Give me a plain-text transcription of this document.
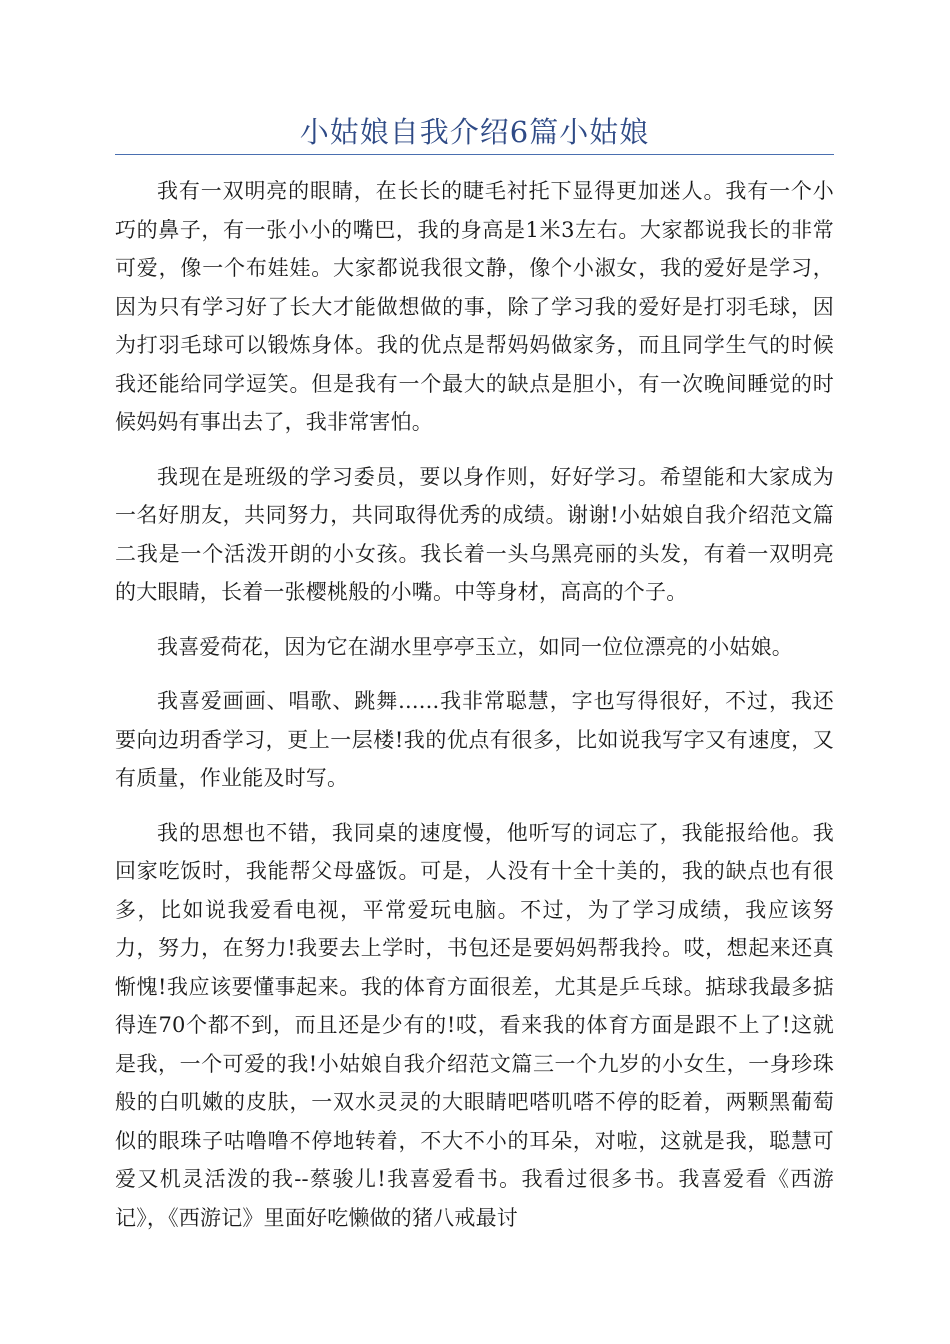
小姑娘自我介绍6篇小姑娘

我有一双明亮的眼睛，在长长的睫毛衬托下显得更加迷人。我有一个小巧的鼻子，有一张小小的嘴巴，我的身高是1米3左右。大家都说我长的非常可爱，像一个布娃娃。大家都说我很文静，像个小淑女，我的爱好是学习，因为只有学习好了长大才能做想做的事，除了学习我的爱好是打羽毛球，因为打羽毛球可以锻炼身体。我的优点是帮妈妈做家务，而且同学生气的时候我还能给同学逗笑。但是我有一个最大的缺点是胆小，有一次晚间睡觉的时候妈妈有事出去了，我非常害怕。

我现在是班级的学习委员，要以身作则，好好学习。希望能和大家成为一名好朋友，共同努力，共同取得优秀的成绩。谢谢!小姑娘自我介绍范文篇二我是一个活泼开朗的小女孩。我长着一头乌黑亮丽的头发，有着一双明亮的大眼睛，长着一张樱桃般的小嘴。中等身材，高高的个子。

我喜爱荷花，因为它在湖水里亭亭玉立，如同一位位漂亮的小姑娘。

我喜爱画画、唱歌、跳舞......我非常聪慧，字也写得很好，不过，我还要向边玥香学习，更上一层楼!我的优点有很多，比如说我写字又有速度，又有质量，作业能及时写。

我的思想也不错，我同桌的速度慢，他听写的词忘了，我能报给他。我回家吃饭时，我能帮父母盛饭。可是，人没有十全十美的，我的缺点也有很多，比如说我爱看电视，平常爱玩电脑。不过，为了学习成绩，我应该努力，努力，在努力!我要去上学时，书包还是要妈妈帮我拎。哎，想起来还真惭愧!我应该要懂事起来。我的体育方面很差，尤其是乒乓球。掂球我最多掂得连70个都不到，而且还是少有的!哎，看来我的体育方面是跟不上了!这就是我，一个可爱的我!小姑娘自我介绍范文篇三一个九岁的小女生，一身珍珠般的白叽嫩的皮肤，一双水灵灵的大眼睛吧嗒叽嗒不停的眨着，两颗黑葡萄似的眼珠子咕噜噜不停地转着，不大不小的耳朵，对啦，这就是我，聪慧可爱又机灵活泼的我--蔡骏儿!我喜爱看书。我看过很多书。我喜爱看《西游记》，《西游记》里面好吃懒做的猪八戒最讨
